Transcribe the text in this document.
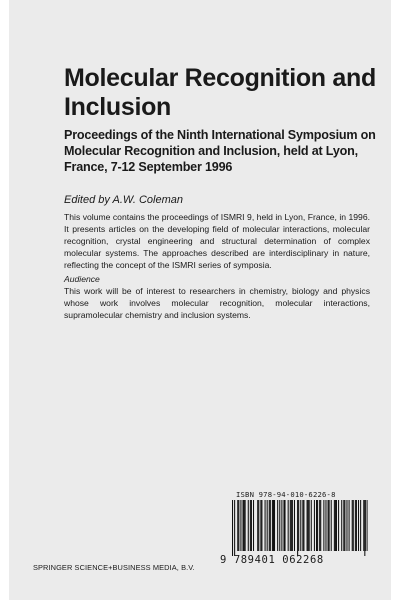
Molecular Recognition and Inclusion
Proceedings of the Ninth International Symposium on Molecular Recognition and Inclusion, held at Lyon, France, 7-12 September 1996
Edited by A.W. Coleman

This volume contains the proceedings of ISMRI 9, held in Lyon, France, in 1996. It presents articles on the developing field of molecular interactions, molecular recognition, crystal engineering and structural determination of complex molecular systems. The approaches described are interdisciplinary in nature, reflecting the concept of the ISMRI series of symposia.

Audience

This work will be of interest to researchers in chemistry, biology and physics whose work involves molecular recognition, molecular interactions, supramolecular chemistry and inclusion systems.

ISBN 978-94-010-6226-8
9 789401 062268
SPRINGER SCIENCE+BUSINESS MEDIA, B.V.
